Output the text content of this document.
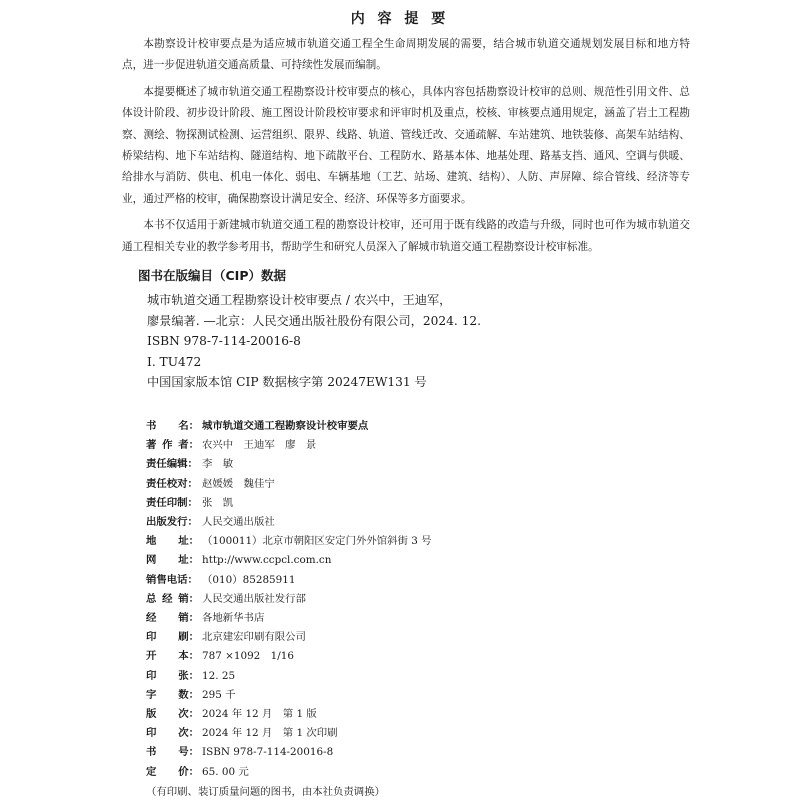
内 容 提 要

本勘察设计校审要点是为适应城市轨道交通工程全生命周期发展的需要，结合城市轨道交通规划发展目标和地方特点，进一步促进轨道交通高质量、可持续性发展而编制。

本提要概述了城市轨道交通工程勘察设计校审要点的核心，具体内容包括勘察设计校审的总则、规范性引用文件、总体设计阶段、初步设计阶段、施工图设计阶段校审要求和评审时机及重点，校核、审核要点通用规定，涵盖了岩土工程勘察、测绘、物探测试检测、运营组织、限界、线路、轨道、管线迁改、交通疏解、车站建筑、地铁装修、高架车站结构、桥梁结构、地下车站结构、隧道结构、地下疏散平台、工程防水、路基本体、地基处理、路基支挡、通风、空调与供暖、给排水与消防、供电、机电一体化、弱电、车辆基地（工艺、站场、建筑、结构）、人防、声屏障、综合管线、经济等专业，通过严格的校审，确保勘察设计满足安全、经济、环保等多方面要求。

本书不仅适用于新建城市轨道交通工程的勘察设计校审，还可用于既有线路的改造与升级，同时也可作为城市轨道交通工程相关专业的教学参考用书，帮助学生和研究人员深入了解城市轨道交通工程勘察设计校审标准。

图书在版编目（CIP）数据
城市轨道交通工程勘察设计校审要点 / 农兴中，王迪军，
廖景编著. —北京：人民交通出版社股份有限公司，2024. 12.
ISBN 978-7-114-20016-8
Ⅰ. TU472
中国国家版本馆 CIP 数据核字第 20247EW131 号
书 名： 城市轨道交通工程勘察设计校审要点
著 作 者： 农兴中　王迪军　廖　景
责任编辑： 李　敏
责任校对： 赵媛媛　魏佳宁
责任印制： 张　凯
出版发行： 人民交通出版社
地 址： （100011）北京市朝阳区安定门外外馆斜街 3 号
网 址： http://www.ccpcl.com.cn
销售电话： （010）85285911
总 经 销： 人民交通出版社发行部
经 销： 各地新华书店
印 刷： 北京建宏印刷有限公司
开 本： 787 ×1092　1/16
印 张： 12. 25
字 数： 295 千
版 次： 2024 年 12 月　第 1 版
印 次： 2024 年 12 月　第 1 次印刷
书 号： ISBN 978-7-114-20016-8
定 价： 65. 00 元
（有印刷、装订质量问题的图书，由本社负责调换）
